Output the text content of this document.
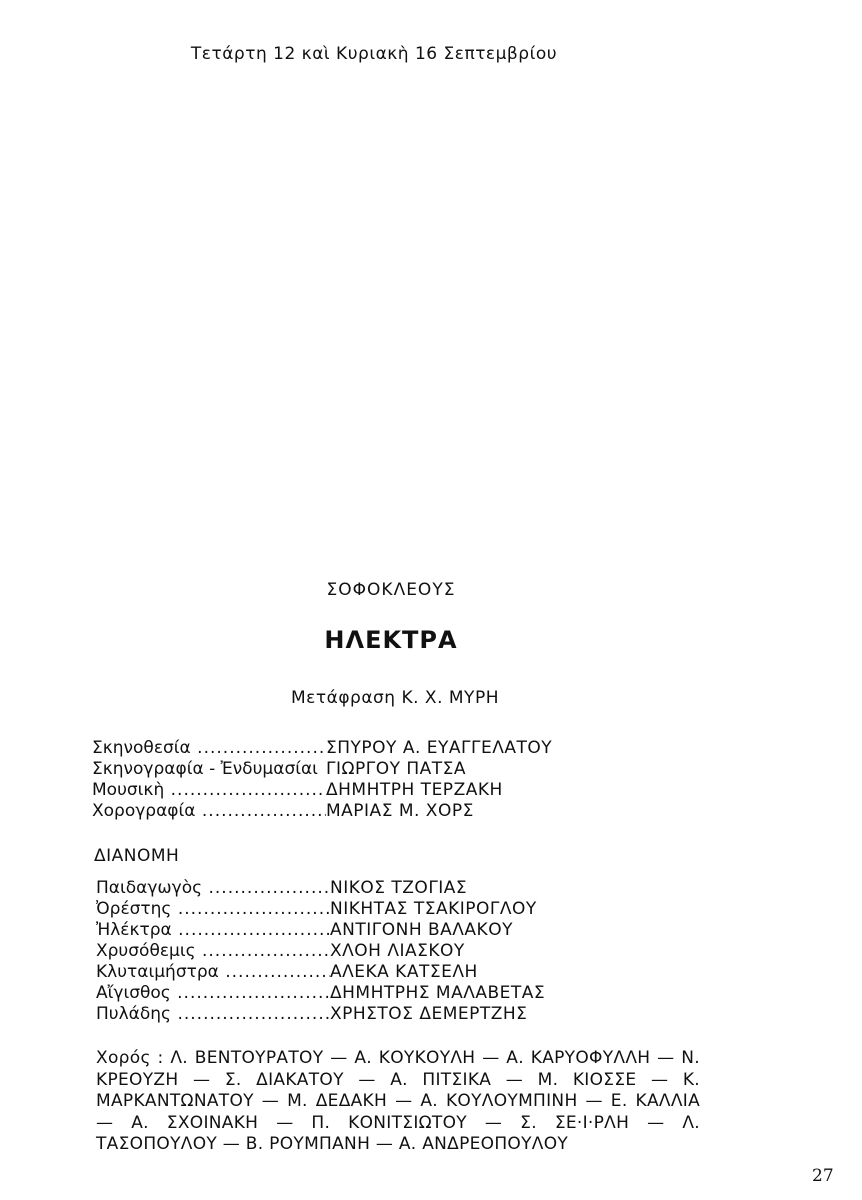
Τετάρτη 12 καὶ Κυριακὴ 16 Σεπτεμβρίου
ΣΟΦΟΚΛΕΟΥΣ
ΗΛΕΚΤΡΑ
Μετάφραση Κ. Χ. ΜΥΡΗ
Σκηνοθεσία .....	ΣΠΥΡΟΥ Α. ΕΥΑΓΓΕΛΑΤΟΥ
Σκηνογραφία - Ἐνδυμασίαι ..... ΓΙΩΡΓΟΥ ΠΑΤΣΑ
Μουσικὴ .....	ΔΗΜΗΤΡΗ ΤΕΡΖΑΚΗ
Χορογραφία .....	ΜΑΡΙΑΣ Μ. ΧΟΡΣ
ΔΙΑΝΟΜΗ
Παιδαγωγὸς .....	ΝΙΚΟΣ ΤΖΟΓΙΑΣ
Ὀρέστης .....	ΝΙΚΗΤΑΣ ΤΣΑΚΙΡΟΓΛΟΥ
Ἠλέκτρα .....	ΑΝΤΙΓΟΝΗ ΒΑΛΑΚΟΥ
Χρυσόθεμις .....	ΧΛΟΗ ΛΙΑΣΚΟΥ
Κλυταιμήστρα .....	ΑΛΕΚΑ ΚΑΤΣΕΛΗ
Αἴγισθος .....	ΔΗΜΗΤΡΗΣ ΜΑΛΑΒΕΤΑΣ
Πυλάδης .....	ΧΡΗΣΤΟΣ ΔΕΜΕΡΤΖΗΣ
Χορός : Λ. ΒΕΝΤΟΥΡΑΤΟΥ — Α. ΚΟΥΚΟΥΛΗ — Α. ΚΑΡΥΟΦΥΛΛΗ — Ν. ΚΡΕΟΥΖΗ — Σ. ΔΙΑΚΑΤΟΥ — Α. ΠΙΤΣΙΚΑ — Μ. ΚΙΟΣΣΕ — Κ. ΜΑΡΚΑΝΤΩΝΑΤΟΥ — Μ. ΔΕΔΑΚΗ — Α. ΚΟΥΛΟΥΜΠΙΝΗ — Ε. ΚΑΛΛΙΑ — Α. ΣΧΟΙΝΑΚΗ — Π. ΚΟΝΙΤΣΙΩΤΟΥ — Σ. ΣΕ·Ι·ΡΛΗ — Λ. ΤΑΣΟΠΟΥΛΟΥ — Β. ΡΟΥΜΠΑΝΗ — Α. ΑΝΔΡΕΟΠΟΥΛΟΥ
27
